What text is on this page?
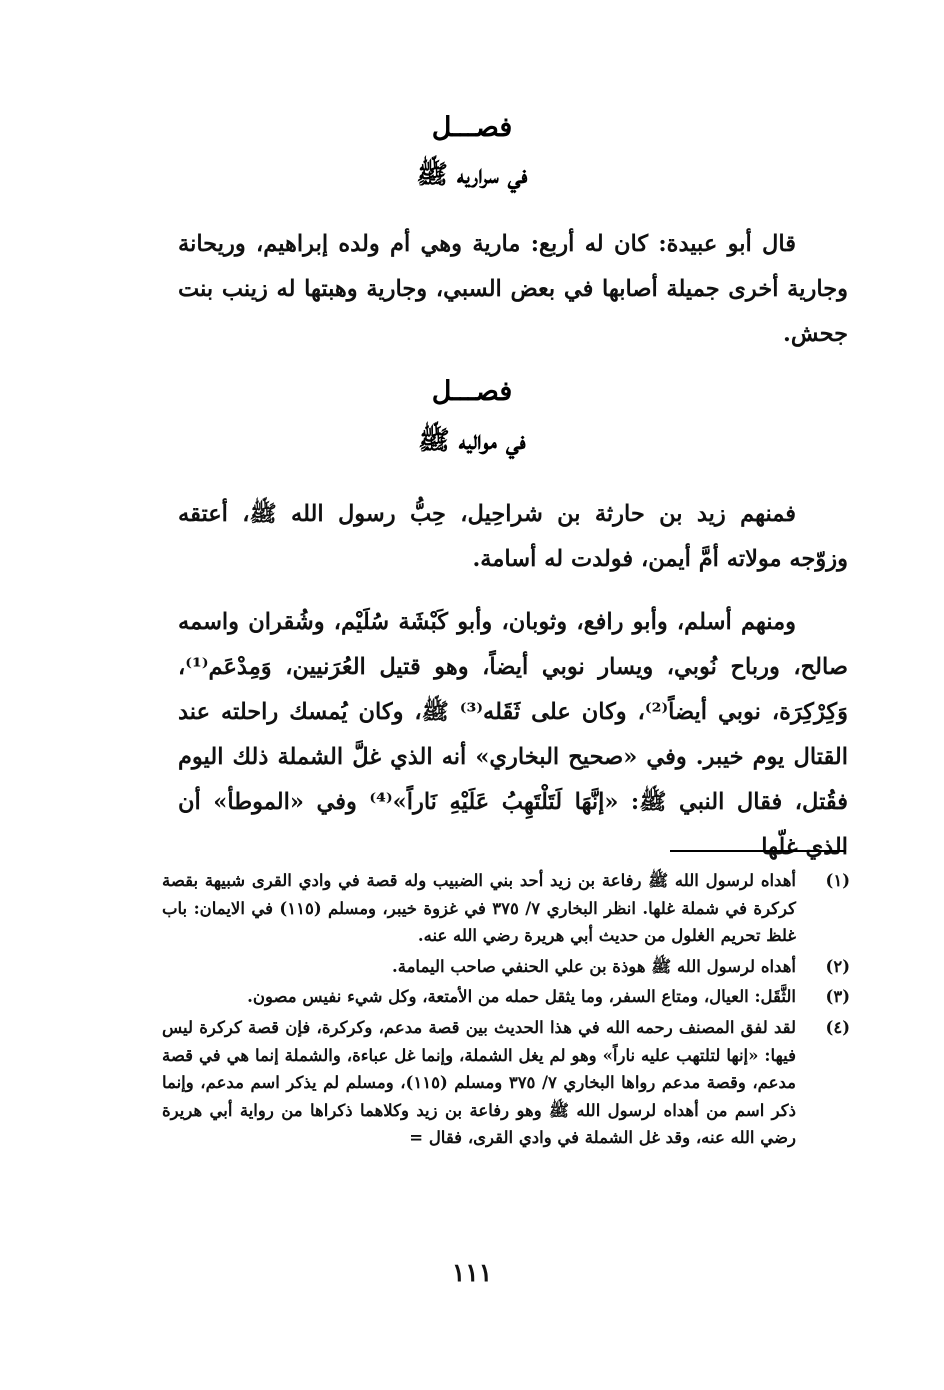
فصـــل
في سراريه ﷺ

قال أبو عبيدة: كان له أربع: مارية وهي أم ولده إبراهيم، وريحانة وجارية أخرى جميلة أصابها في بعض السبي، وجارية وهبتها له زينب بنت جحش.

فصـــل
في مواليه ﷺ

فمنهم زيد بن حارثة بن شراحِيل، حِبُّ رسول الله ﷺ، أعتقه وزوّجه مولاته أمَّ أيمن، فولدت له أسامة.

ومنهم أسلم، وأبو رافع، وثوبان، وأبو كَبْشَة سُلَيْم، وشُقران واسمه صالح، ورباح نُوبي، ويسار نوبي أيضاً، وهو قتيل العُرَنيين، وَمِدْعَم⁽¹⁾، وَكِرْكِرَة، نوبي أيضاً⁽²⁾، وكان على ثَقَله⁽³⁾ ﷺ، وكان يُمسك راحلته عند القتال يوم خيبر. وفي «صحيح البخاري» أنه الذي غلَّ الشملة ذلك اليوم فقُتل، فقال النبي ﷺ: «إنَّهَا لَتَلْتَهِبُ عَلَيْهِ نَاراً»⁽⁴⁾ وفي «الموطأ» أن الذي غلّها

(١)
أهداه لرسول الله ﷺ رفاعة بن زيد أحد بني الضبيب وله قصة في وادي القرى شبيهة بقصة كركرة في شملة غلها. انظر البخاري ٧/ ٣٧٥ في غزوة خيبر، ومسلم (١١٥) في الايمان: باب غلظ تحريم الغلول من حديث أبي هريرة رضي الله عنه.
(٢)
أهداه لرسول الله ﷺ هوذة بن علي الحنفي صاحب اليمامة.
(٣)
الثَّقَل: العيال، ومتاع السفر، وما يثقل حمله من الأمتعة، وكل شيء نفيس مصون.
(٤)
لقد لفق المصنف رحمه الله في هذا الحديث بين قصة مدعم، وكركرة، فإن قصة كركرة ليس فيها: «إنها لتلتهب عليه ناراً» وهو لم يغل الشملة، وإنما غل عباءة، والشملة إنما هي في قصة مدعم، وقصة مدعم رواها البخاري ٧/ ٣٧٥ ومسلم (١١٥)، ومسلم لم يذكر اسم مدعم، وإنما ذكر اسم من أهداه لرسول الله ﷺ وهو رفاعة بن زيد وكلاهما ذكراها من رواية أبي هريرة رضي الله عنه، وقد غل الشملة في وادي القرى، فقال =
١١١
